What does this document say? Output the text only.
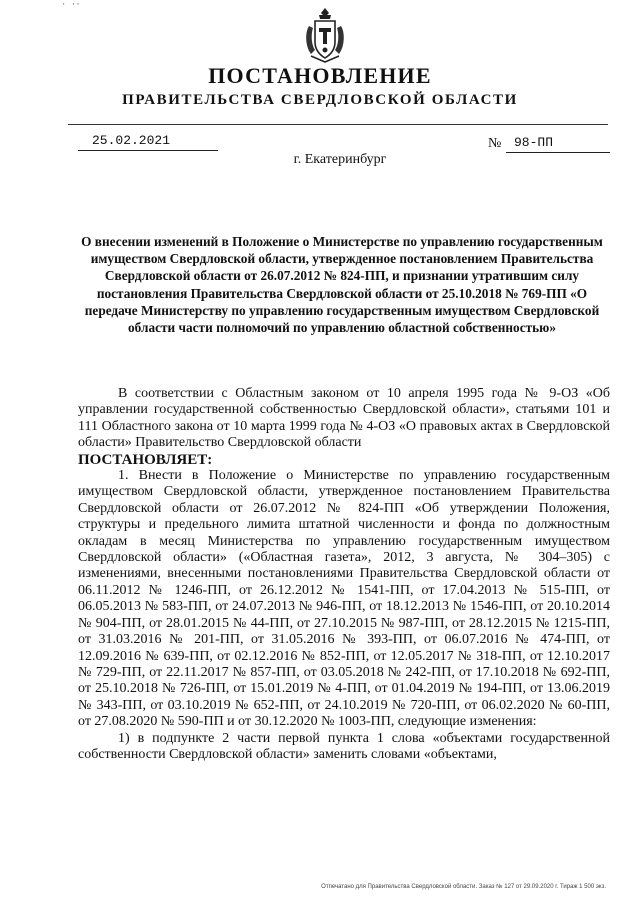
' ''
ПОСТАНОВЛЕНИЕ
ПРАВИТЕЛЬСТВА СВЕРДЛОВСКОЙ ОБЛАСТИ
25.02.2021	№ 98-ПП
г. Екатеринбург
О внесении изменений в Положение о Министерстве по управлению государственным имуществом Свердловской области, утвержденное постановлением Правительства Свердловской области от 26.07.2012 № 824-ПП, и признании утратившим силу постановления Правительства Свердловской области от 25.10.2018 № 769-ПП «О передаче Министерству по управлению государственным имуществом Свердловской области части полномочий по управлению областной собственностью»

В соответствии с Областным законом от 10 апреля 1995 года № 9-ОЗ «Об управлении государственной собственностью Свердловской области», статьями 101 и 111 Областного закона от 10 марта 1999 года № 4-ОЗ «О правовых актах в Свердловской области» Правительство Свердловской области

ПОСТАНОВЛЯЕТ:

1. Внести в Положение о Министерстве по управлению государственным имуществом Свердловской области, утвержденное постановлением Правительства Свердловской области от 26.07.2012 № 824-ПП «Об утверждении Положения, структуры и предельного лимита штатной численности и фонда по должностным окладам в месяц Министерства по управлению государственным имуществом Свердловской области» («Областная газета», 2012, 3 августа, № 304–305) с изменениями, внесенными постановлениями Правительства Свердловской области от 06.11.2012 № 1246-ПП, от 26.12.2012 № 1541-ПП, от 17.04.2013 № 515-ПП, от 06.05.2013 № 583-ПП, от 24.07.2013 № 946-ПП, от 18.12.2013 № 1546-ПП, от 20.10.2014 № 904-ПП, от 28.01.2015 № 44-ПП, от 27.10.2015 № 987-ПП, от 28.12.2015 № 1215-ПП, от 31.03.2016 № 201-ПП, от 31.05.2016 № 393-ПП, от 06.07.2016 № 474-ПП, от 12.09.2016 № 639-ПП, от 02.12.2016 № 852-ПП, от 12.05.2017 № 318-ПП, от 12.10.2017 № 729-ПП, от 22.11.2017 № 857-ПП, от 03.05.2018 № 242-ПП, от 17.10.2018 № 692-ПП, от 25.10.2018 № 726-ПП, от 15.01.2019 № 4-ПП, от 01.04.2019 № 194-ПП, от 13.06.2019 № 343-ПП, от 03.10.2019 № 652-ПП, от 24.10.2019 № 720-ПП, от 06.02.2020 № 60-ПП, от 27.08.2020 № 590-ПП и от 30.12.2020 № 1003-ПП, следующие изменения:

1) в подпункте 2 части первой пункта 1 слова «объектами государственной собственности Свердловской области» заменить словами «объектами,

Отпечатано для Правительства Свердловской области. Заказ № 127 от 29.09.2020 г. Тираж 1 500 экз.
